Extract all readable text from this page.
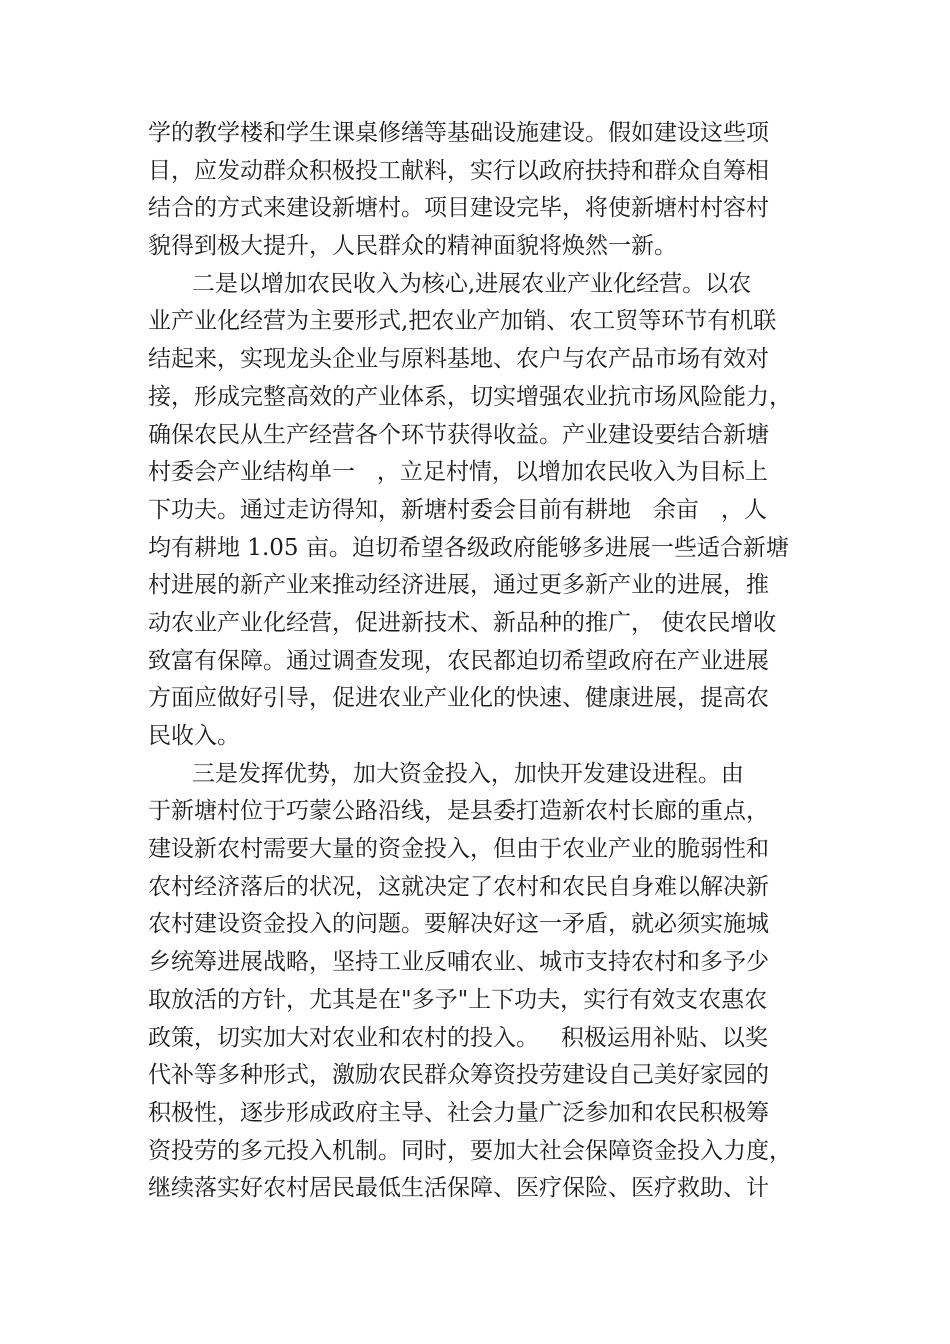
学的教学楼和学生课桌修缮等基础设施建设。假如建设这些项
目，应发动群众积极投工献料，实行以政府扶持和群众自筹相
结合的方式来建设新塘村。项目建设完毕，将使新塘村村容村
貌得到极大提升，人民群众的精神面貌将焕然一新。
二是以增加农民收入为核心,进展农业产业化经营。以农
业产业化经营为主要形式,把农业产加销、农工贸等环节有机联
结起来，实现龙头企业与原料基地、农户与农产品市场有效对
接，形成完整高效的产业体系，切实增强农业抗市场风险能力，
确保农民从生产经营各个环节获得收益。产业建设要结合新塘
村委会产业结构单一   ，立足村情，以增加农民收入为目标上
下功夫。通过走访得知，新塘村委会目前有耕地   余亩   ，人
均有耕地 1.05 亩。迫切希望各级政府能够多进展一些适合新塘
村进展的新产业来推动经济进展，通过更多新产业的进展，推
动农业产业化经营，促进新技术、新品种的推广， 使农民增收
致富有保障。通过调查发现，农民都迫切希望政府在产业进展
方面应做好引导，促进农业产业化的快速、健康进展，提高农
民收入。
三是发挥优势，加大资金投入，加快开发建设进程。由
于新塘村位于巧蒙公路沿线，是县委打造新农村长廊的重点，
建设新农村需要大量的资金投入，但由于农业产业的脆弱性和
农村经济落后的状况，这就决定了农村和农民自身难以解决新
农村建设资金投入的问题。要解决好这一矛盾，就必须实施城
乡统筹进展战略，坚持工业反哺农业、城市支持农村和多予少
取放活的方针，尤其是在"多予"上下功夫，实行有效支农惠农
政策，切实加大对农业和农村的投入。   积极运用补贴、以奖
代补等多种形式，激励农民群众筹资投劳建设自己美好家园的
积极性，逐步形成政府主导、社会力量广泛参加和农民积极筹
资投劳的多元投入机制。同时，要加大社会保障资金投入力度，
继续落实好农村居民最低生活保障、医疗保险、医疗救助、计
